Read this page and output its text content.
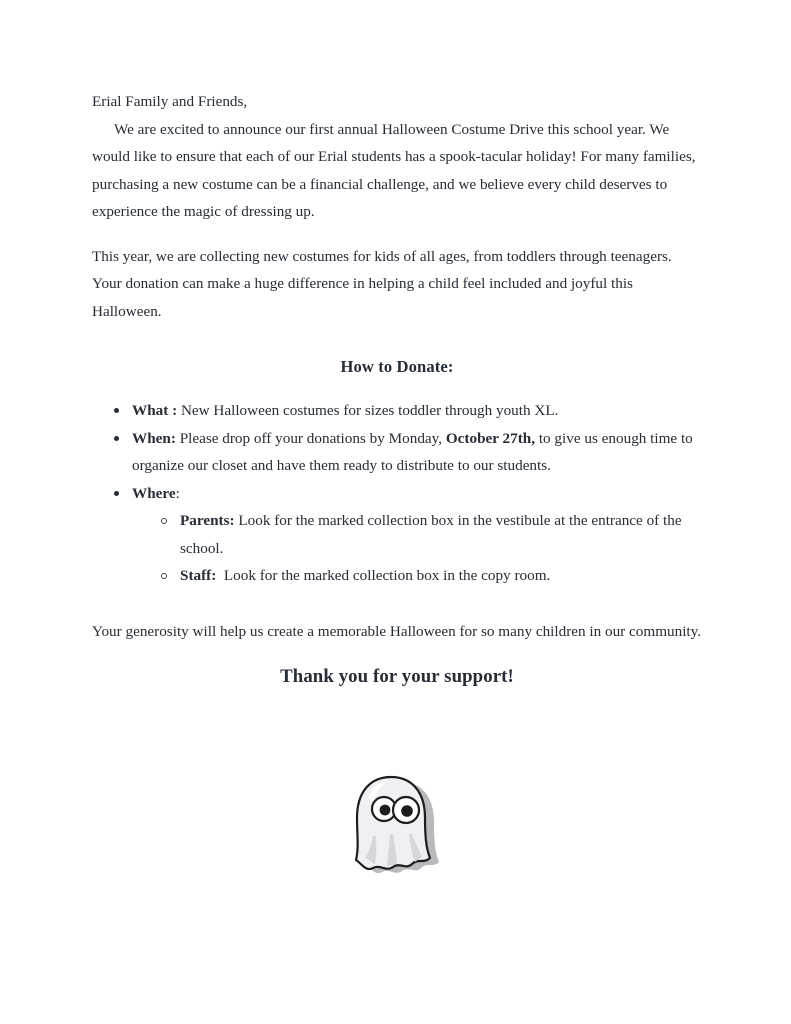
Erial Family and Friends,

We are excited to announce our first annual Halloween Costume Drive this school year. We would like to ensure that each of our Erial students has a spook-tacular holiday! For many families, purchasing a new costume can be a financial challenge, and we believe every child deserves to experience the magic of dressing up.

This year, we are collecting new costumes for kids of all ages, from toddlers through teenagers. Your donation can make a huge difference in helping a child feel included and joyful this Halloween.

How to Donate:
What : New Halloween costumes for sizes toddler through youth XL.
When: Please drop off your donations by Monday, October 27th, to give us enough time to organize our closet and have them ready to distribute to our students.
Where:
Parents: Look for the marked collection box in the vestibule at the entrance of the school.
Staff:  Look for the marked collection box in the copy room.

Your generosity will help us create a memorable Halloween for so many children in our community.

Thank you for your support!
